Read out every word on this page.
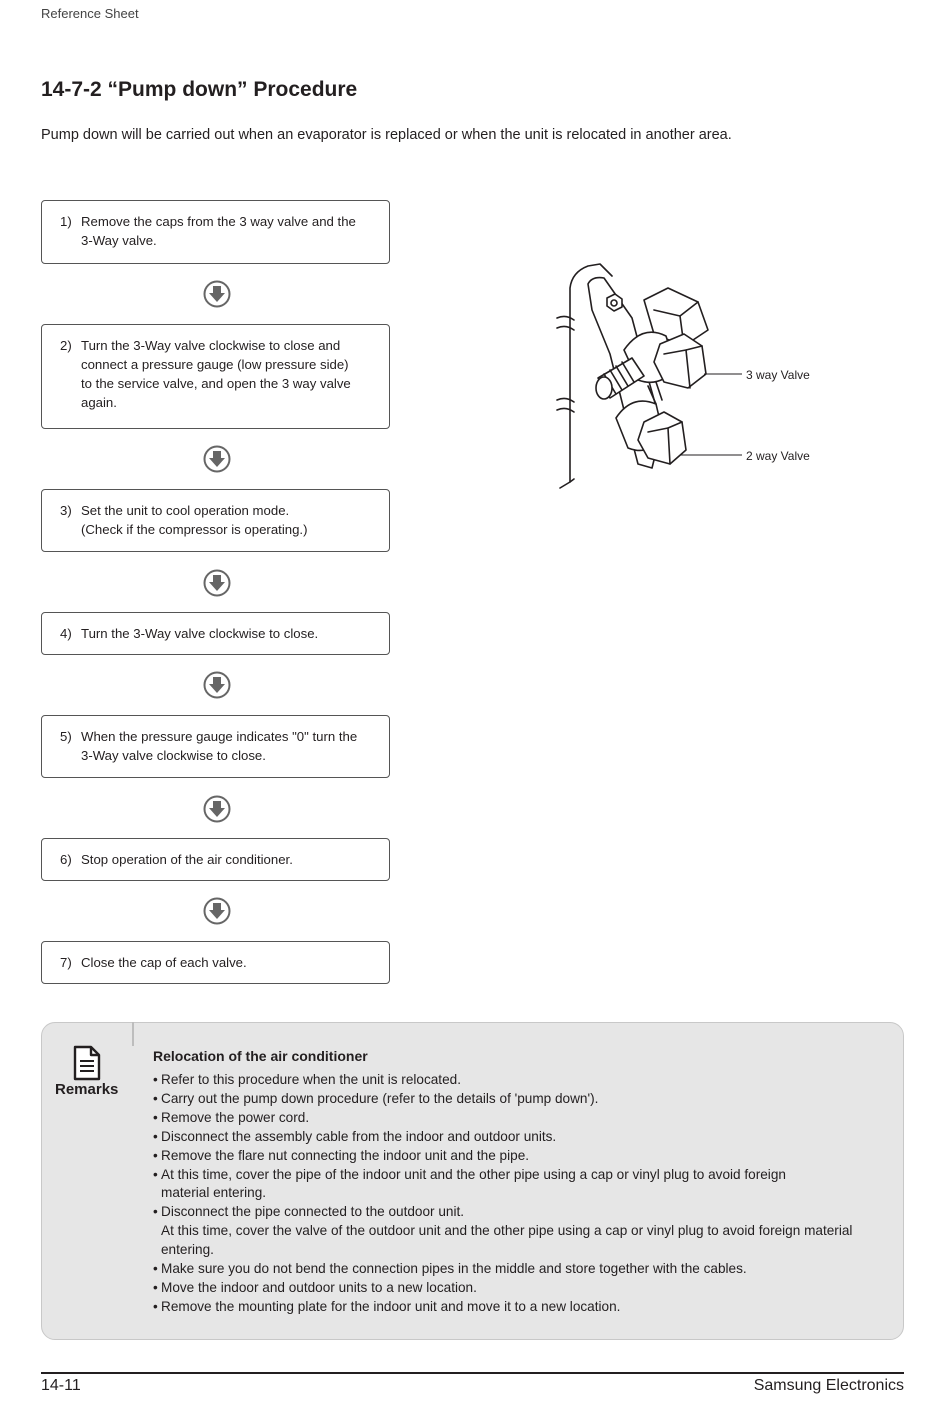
Reference Sheet
14-7-2 “Pump down” Procedure
Pump down will be carried out when an evaporator is replaced or when the unit is relocated in another area.
1) Remove the caps from the 3 way valve and the
3-Way valve.
2) Turn the 3-Way valve clockwise to close and
connect a pressure gauge (low pressure side)
to the service valve, and open the 3 way valve
again.
3) Set the unit to cool operation mode.
(Check if the compressor is operating.)
4) Turn the 3-Way valve clockwise to close.
5) When the pressure gauge indicates "0" turn the
3-Way valve clockwise to close.
6) Stop operation of the air conditioner.
7) Close the cap of each valve.
3 way Valve
2 way Valve
Remarks
Relocation of the air conditioner
• Refer to this procedure when the unit is relocated.
• Carry out the pump down procedure (refer to the details of 'pump down').
• Remove the power cord.
• Disconnect the assembly cable from the indoor and outdoor units.
• Remove the flare nut connecting the indoor unit and the pipe.
• At this time, cover the pipe of the indoor unit and the other pipe using a cap or vinyl plug to avoid foreign
material entering.
• Disconnect the pipe connected to the outdoor unit.
At this time, cover the valve of the outdoor unit and the other pipe using a cap or vinyl plug to avoid foreign material
entering.
• Make sure you do not bend the connection pipes in the middle and store together with the cables.
• Move the indoor and outdoor units to a new location.
• Remove the mounting plate for the indoor unit and move it to a new location.
14-11	Samsung Electronics
